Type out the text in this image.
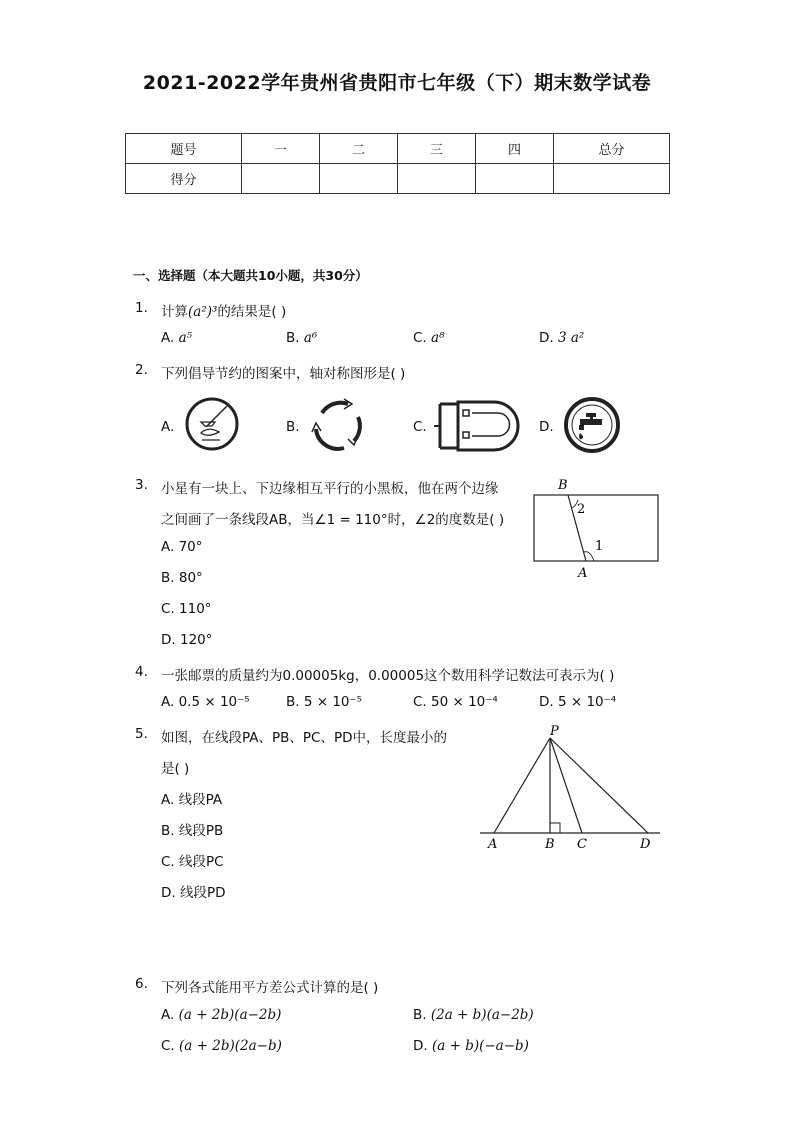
2021-2022学年贵州省贵阳市七年级（下）期末数学试卷
题号	一	二	三	四	总分
得分					
一、选择题（本大题共10小题，共30分）
1. 计算(a²)³的结果是( )
A. a⁵	B. a⁶	C. a⁸	D. 3 a²
2. 下列倡导节约的图案中，轴对称图形是( )
A.	B.	C.	D.
3. 小星有一块上、下边缘相互平行的小黑板，他在两个边缘
之间画了一条线段AB，当∠1 = 110°时，∠2的度数是( )
A. 70°
B. 80°
C. 110°
D. 120°
B
2
1
A
4. 一张邮票的质量约为0.00005kg，0.00005这个数用科学记数法可表示为( )
A. 0.5 × 10⁻⁵	B. 5 × 10⁻⁵	C. 50 × 10⁻⁴	D. 5 × 10⁻⁴
5. 如图，在线段PA、PB、PC、PD中，长度最小的
是( )
A. 线段PA
B. 线段PB
C. 线段PC
D. 线段PD
P
A	B C	D
6. 下列各式能用平方差公式计算的是( )
A. (a + 2b)(a−2b)	B. (2a + b)(a−2b)
C. (a + 2b)(2a−b)	D. (a + b)(−a−b)
